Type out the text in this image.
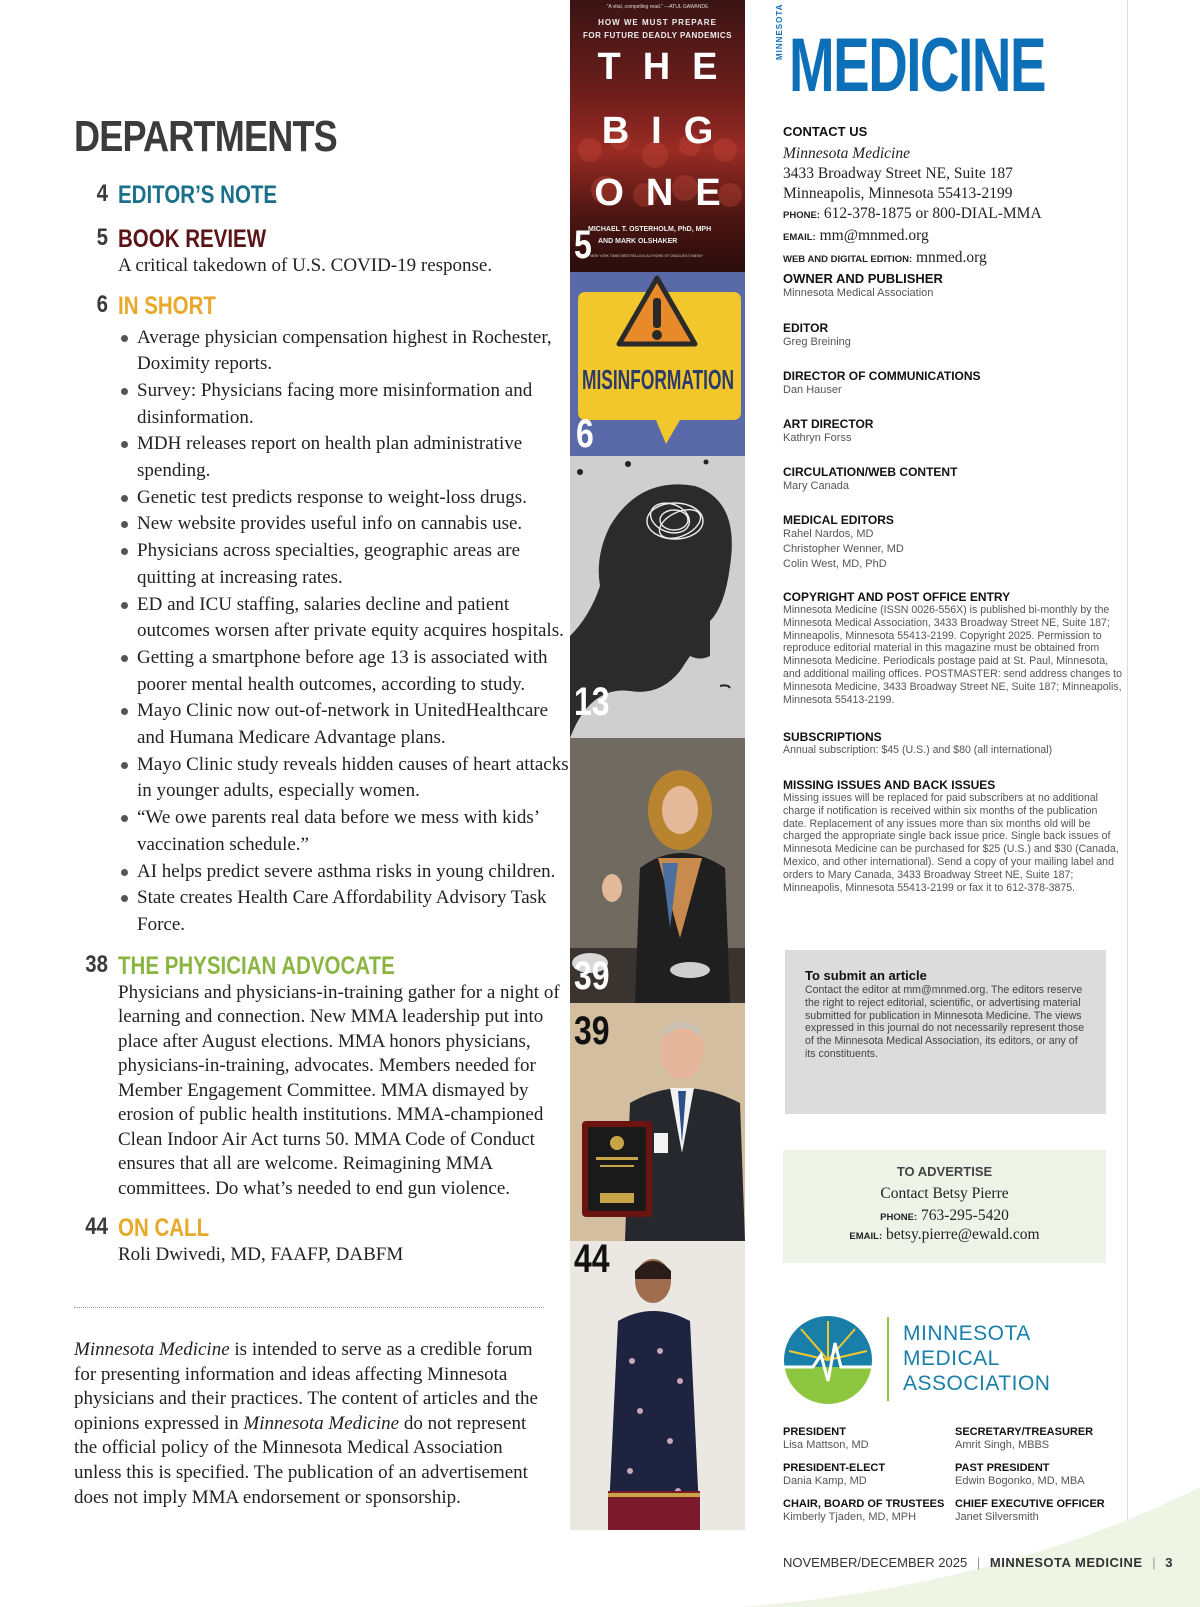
DEPARTMENTS
4 EDITOR’S NOTE
5 BOOK REVIEW
A critical takedown of U.S. COVID-19 response.
6 IN SHORT
Average physician compensation highest in Rochester, Doximity reports.
Survey: Physicians facing more misinformation and disinformation.
MDH releases report on health plan administrative spending.
Genetic test predicts response to weight-loss drugs.
New website provides useful info on cannabis use.
Physicians across specialties, geographic areas are quitting at increasing rates.
ED and ICU staffing, salaries decline and patient outcomes worsen after private equity acquires hospitals.
Getting a smartphone before age 13 is associated with poorer mental health outcomes, according to study.
Mayo Clinic now out-of-network in UnitedHealthcare and Humana Medicare Advantage plans.
Mayo Clinic study reveals hidden causes of heart attacks in younger adults, especially women.
“We owe parents real data before we mess with kids’ vaccination schedule.”
AI helps predict severe asthma risks in young children.
State creates Health Care Affordability Advisory Task Force.
38 THE PHYSICIAN ADVOCATE
Physicians and physicians-in-training gather for a night of learning and connection. New MMA leadership put into place after August elections. MMA honors physicians, physicians-in-training, advocates. Members needed for Member Engagement Committee. MMA dismayed by erosion of public health institutions. MMA-championed Clean Indoor Air Act turns 50. MMA Code of Conduct ensures that all are welcome. Reimagining MMA committees. Do what’s needed to end gun violence.
44 ON CALL
Roli Dwivedi, MD, FAAFP, DABFM
Minnesota Medicine is intended to serve as a credible forum for presenting information and ideas affecting Minnesota physicians and their practices. The content of articles and the opinions expressed in Minnesota Medicine do not represent the official policy of the Minnesota Medical Association unless this is specified. The publication of an advertisement does not imply MMA endorsement or sponsorship.
“A vital, compelling read.” —ATUL GAWANDE
HOW WE MUST PREPARE
FOR FUTURE DEADLY PANDEMICS
THE
BIG
ONE
MICHAEL T. OSTERHOLM, PhD, MPH
AND MARK OLSHAKER
NEW YORK TIMES BESTSELLING AUTHORS OF DEADLIEST ENEMY
5
MISINFORMATION
6
13
39
39
44
MINNESOTA MEDICINE
CONTACT US
Minnesota Medicine
3433 Broadway Street NE, Suite 187
Minneapolis, Minnesota 55413-2199
PHONE: 612-378-1875 or 800-DIAL-MMA
EMAIL: mm@mnmed.org
WEB AND DIGITAL EDITION: mnmed.org
OWNER AND PUBLISHER
Minnesota Medical Association
EDITOR
Greg Breining
DIRECTOR OF COMMUNICATIONS
Dan Hauser
ART DIRECTOR
Kathryn Forss
CIRCULATION/WEB CONTENT
Mary Canada
MEDICAL EDITORS
Rahel Nardos, MD
Christopher Wenner, MD
Colin West, MD, PhD
COPYRIGHT AND POST OFFICE ENTRY
Minnesota Medicine (ISSN 0026-556X) is published bi-monthly by the Minnesota Medical Association, 3433 Broadway Street NE, Suite 187; Minneapolis, Minnesota 55413-2199. Copyright 2025. Permission to reproduce editorial material in this magazine must be obtained from Minnesota Medicine. Periodicals postage paid at St. Paul, Minnesota, and additional mailing offices. POSTMASTER: send address changes to Minnesota Medicine, 3433 Broadway Street NE, Suite 187; Minneapolis, Minnesota 55413-2199.
SUBSCRIPTIONS
Annual subscription: $45 (U.S.) and $80 (all international)
MISSING ISSUES AND BACK ISSUES
Missing issues will be replaced for paid subscribers at no additional charge if notification is received within six months of the publication date. Replacement of any issues more than six months old will be charged the appropriate single back issue price. Single back issues of Minnesota Medicine can be purchased for $25 (U.S.) and $30 (Canada, Mexico, and other international). Send a copy of your mailing label and orders to Mary Canada, 3433 Broadway Street NE, Suite 187; Minneapolis, Minnesota 55413-2199 or fax it to 612-378-3875.
To submit an article
Contact the editor at mm@mnmed.org. The editors reserve the right to reject editorial, scientific, or advertising material submitted for publication in Minnesota Medicine. The views expressed in this journal do not necessarily represent those of the Minnesota Medical Association, its editors, or any of its constituents.
TO ADVERTISE
Contact Betsy Pierre
PHONE: 763-295-5420
EMAIL: betsy.pierre@ewald.com
MINNESOTA
MEDICAL
ASSOCIATION
PRESIDENT
Lisa Mattson, MD
SECRETARY/TREASURER
Amrit Singh, MBBS
PRESIDENT-ELECT
Dania Kamp, MD
PAST PRESIDENT
Edwin Bogonko, MD, MBA
CHAIR, BOARD OF TRUSTEES
Kimberly Tjaden, MD, MPH
CHIEF EXECUTIVE OFFICER
Janet Silversmith
NOVEMBER/DECEMBER 2025 | MINNESOTA MEDICINE | 3
